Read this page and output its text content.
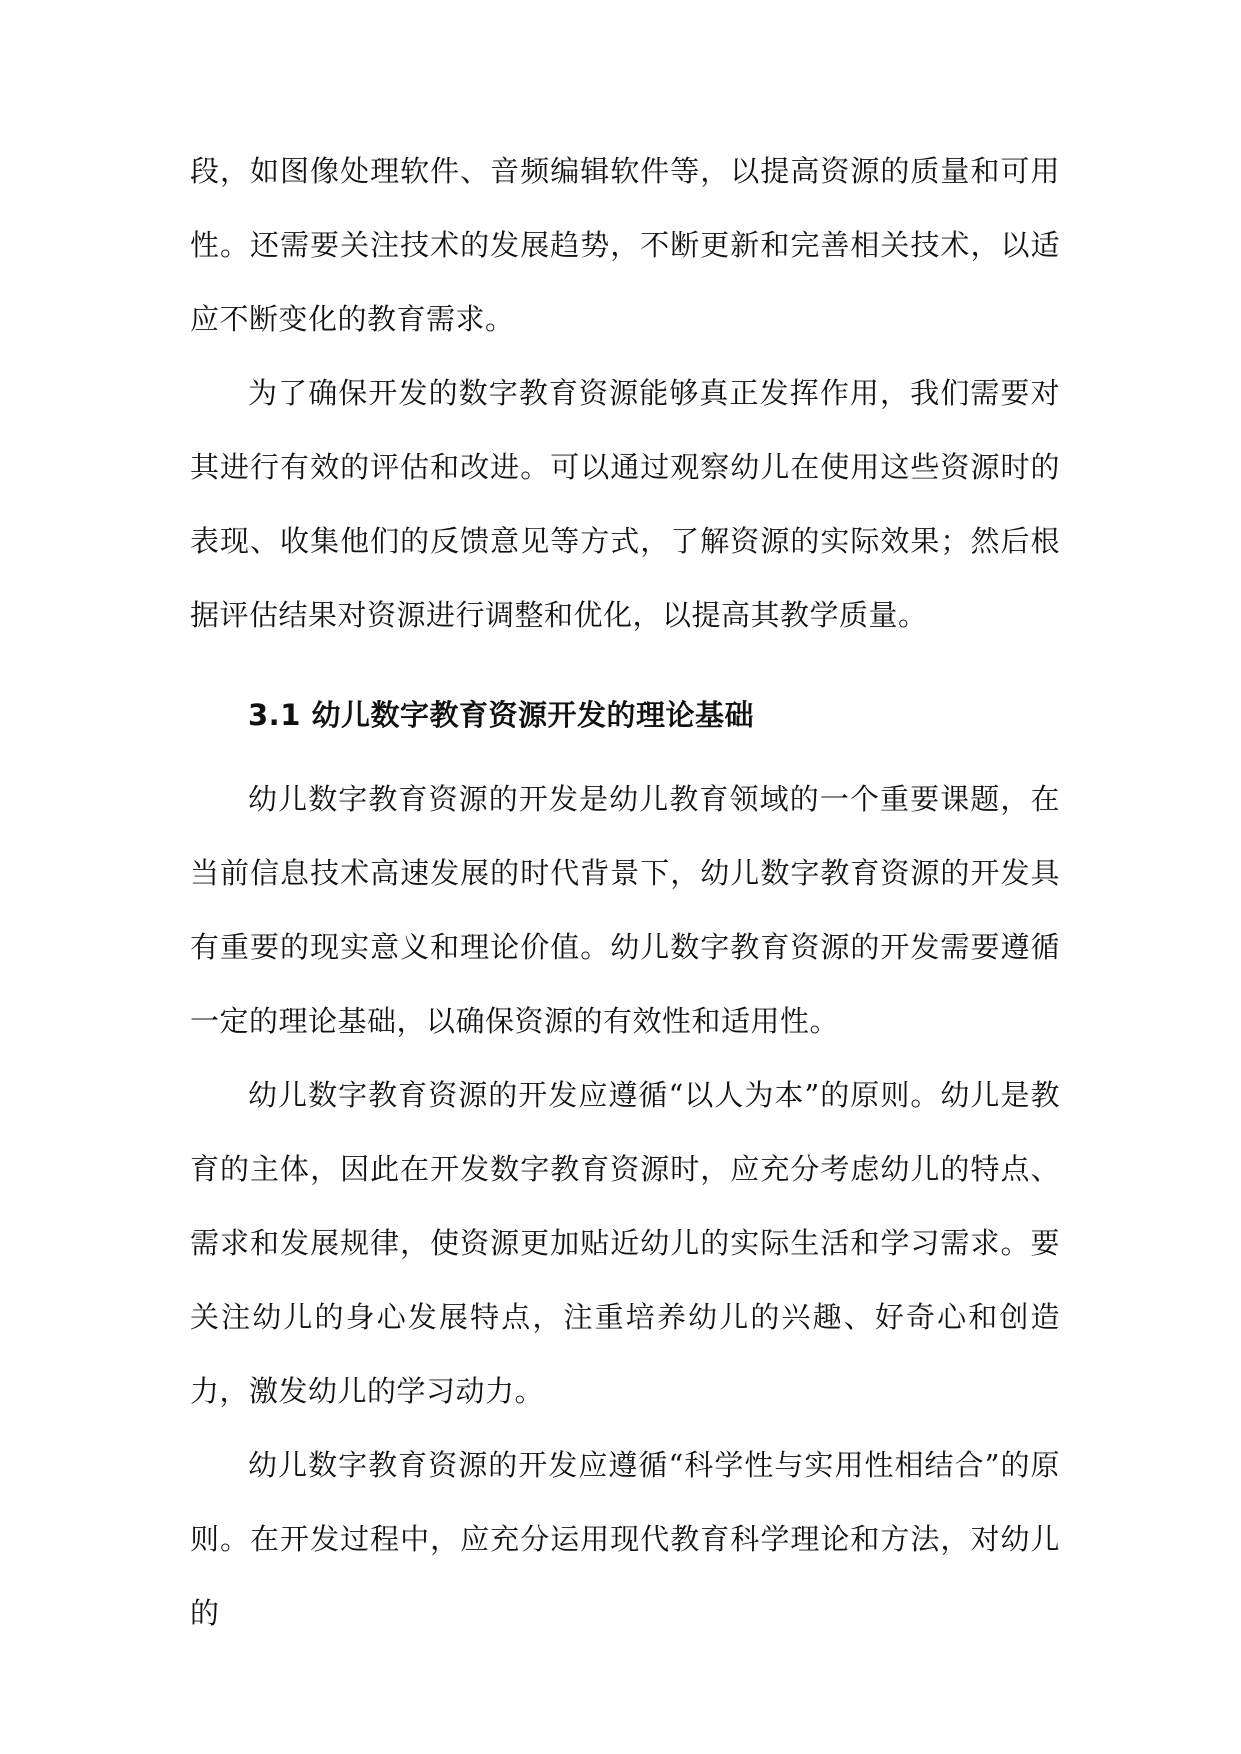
段，如图像处理软件、音频编辑软件等，以提高资源的质量和可用性。还需要关注技术的发展趋势，不断更新和完善相关技术，以适应不断变化的教育需求。

为了确保开发的数字教育资源能够真正发挥作用，我们需要对其进行有效的评估和改进。可以通过观察幼儿在使用这些资源时的表现、收集他们的反馈意见等方式，了解资源的实际效果；然后根据评估结果对资源进行调整和优化，以提高其教学质量。

3.1 幼儿数字教育资源开发的理论基础

幼儿数字教育资源的开发是幼儿教育领域的一个重要课题，在当前信息技术高速发展的时代背景下，幼儿数字教育资源的开发具有重要的现实意义和理论价值。幼儿数字教育资源的开发需要遵循一定的理论基础，以确保资源的有效性和适用性。

幼儿数字教育资源的开发应遵循“以人为本”的原则。幼儿是教育的主体，因此在开发数字教育资源时，应充分考虑幼儿的特点、需求和发展规律，使资源更加贴近幼儿的实际生活和学习需求。要关注幼儿的身心发展特点，注重培养幼儿的兴趣、好奇心和创造力，激发幼儿的学习动力。

幼儿数字教育资源的开发应遵循“科学性与实用性相结合”的原则。在开发过程中，应充分运用现代教育科学理论和方法，对幼儿的
